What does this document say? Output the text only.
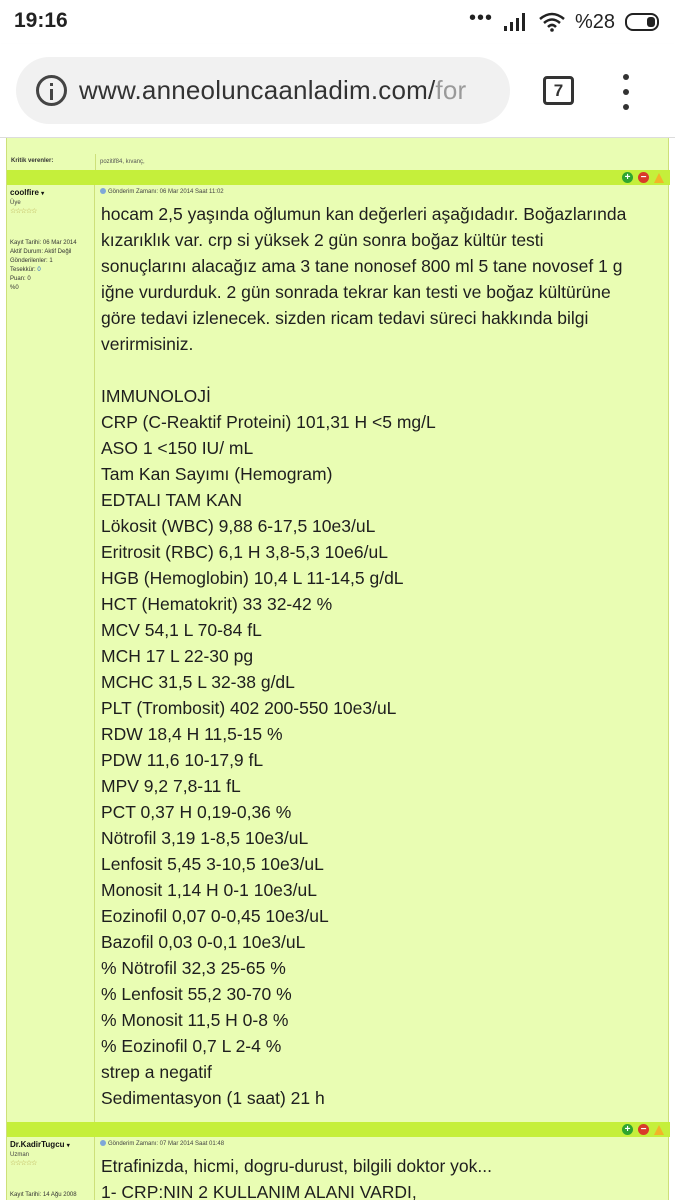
19:16	•••	%28
www.anneoluncaanladim.com/for	7
Kritik verenler:	pozitif84, kıvanç,
+ −
coolfire ▾
Üye
☆☆☆☆☆
Kayıt Tarihi: 06 Mar 2014
Aktif Durum: Aktif Değil
Gönderilenler: 1
Tesekkür: 0
Puan: 0
%0
Gönderim Zamanı: 06 Mar 2014 Saat 11:02
hocam 2,5 yaşında oğlumun kan değerleri aşağıdadır. Boğazlarında
kızarıklık var. crp si yüksek 2 gün sonra boğaz kültür testi
sonuçlarını alacağız ama 3 tane nonosef 800 ml 5 tane novosef 1 g
iğne vurdurduk. 2 gün sonrada tekrar kan testi ve boğaz kültürüne
göre tedavi izlenecek. sizden ricam tedavi süreci hakkında bilgi
verirmisiniz.
IMMUNOLOJİ
CRP (C-Reaktif Proteini) 101,31 H <5 mg/L
ASO 1 <150 IU/ mL
Tam Kan Sayımı (Hemogram)
EDTALI TAM KAN
Lökosit (WBC) 9,88 6-17,5 10e3/uL
Eritrosit (RBC) 6,1 H 3,8-5,3 10e6/uL
HGB (Hemoglobin) 10,4 L 11-14,5 g/dL
HCT (Hematokrit) 33 32-42 %
MCV 54,1 L 70-84 fL
MCH 17 L 22-30 pg
MCHC 31,5 L 32-38 g/dL
PLT (Trombosit) 402 200-550 10e3/uL
RDW 18,4 H 11,5-15 %
PDW 11,6 10-17,9 fL
MPV 9,2 7,8-11 fL
PCT 0,37 H 0,19-0,36 %
Nötrofil 3,19 1-8,5 10e3/uL
Lenfosit 5,45 3-10,5 10e3/uL
Monosit 1,14 H 0-1 10e3/uL
Eozinofil 0,07 0-0,45 10e3/uL
Bazofil 0,03 0-0,1 10e3/uL
% Nötrofil 32,3 25-65 %
% Lenfosit 55,2 30-70 %
% Monosit 11,5 H 0-8 %
% Eozinofil 0,7 L 2-4 %
strep a negatif
Sedimentasyon (1 saat) 21 h
+ −
Dr.KadirTugcu ▾
Uzman
☆☆☆☆☆
Kayıt Tarihi: 14 Ağu 2008
Gönderim Zamanı: 07 Mar 2014 Saat 01:48
Etrafinizda, hicmi, dogru-durust, bilgili doktor yok...
1- CRP:NIN 2 KULLANIM ALANI VARDI,
